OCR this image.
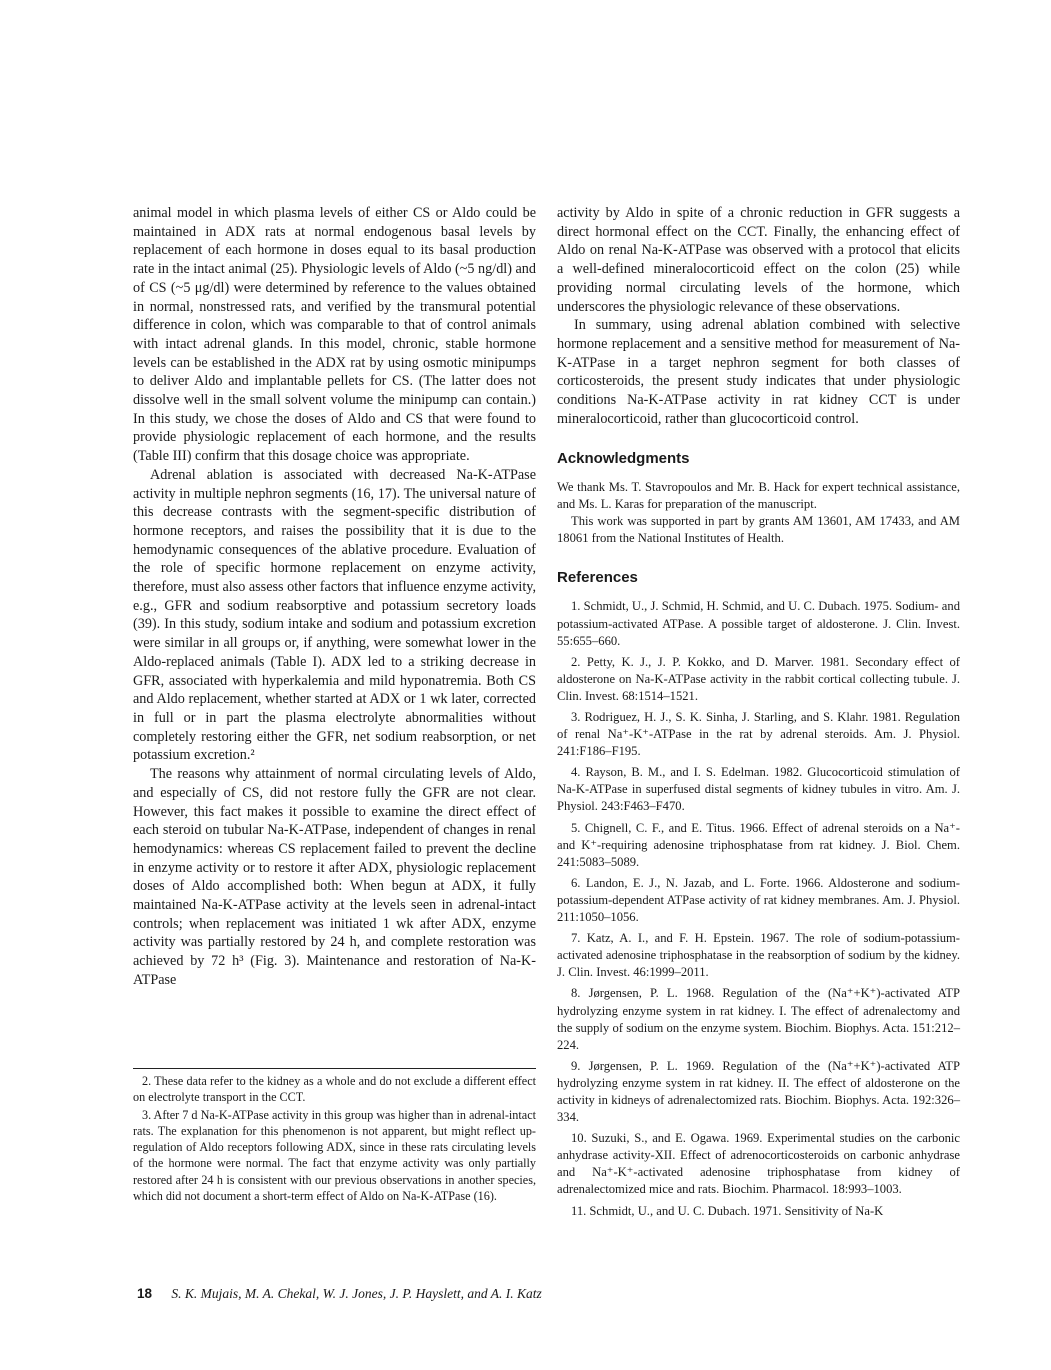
animal model in which plasma levels of either CS or Aldo could be maintained in ADX rats at normal endogenous basal levels by replacement of each hormone in doses equal to its basal production rate in the intact animal (25). Physiologic levels of Aldo (~5 ng/dl) and of CS (~5 μg/dl) were determined by reference to the values obtained in normal, nonstressed rats, and verified by the transmural potential difference in colon, which was comparable to that of control animals with intact adrenal glands. In this model, chronic, stable hormone levels can be established in the ADX rat by using osmotic minipumps to deliver Aldo and implantable pellets for CS. (The latter does not dissolve well in the small solvent volume the minipump can contain.) In this study, we chose the doses of Aldo and CS that were found to provide physiologic replacement of each hormone, and the results (Table III) confirm that this dosage choice was appropriate.

Adrenal ablation is associated with decreased Na-K-ATPase activity in multiple nephron segments (16, 17). The universal nature of this decrease contrasts with the segment-specific distribution of hormone receptors, and raises the possibility that it is due to the hemodynamic consequences of the ablative procedure. Evaluation of the role of specific hormone replacement on enzyme activity, therefore, must also assess other factors that influence enzyme activity, e.g., GFR and sodium reabsorptive and potassium secretory loads (39). In this study, sodium intake and sodium and potassium excretion were similar in all groups or, if anything, were somewhat lower in the Aldo-replaced animals (Table I). ADX led to a striking decrease in GFR, associated with hyperkalemia and mild hyponatremia. Both CS and Aldo replacement, whether started at ADX or 1 wk later, corrected in full or in part the plasma electrolyte abnormalities without completely restoring either the GFR, net sodium reabsorption, or net potassium excretion.²

The reasons why attainment of normal circulating levels of Aldo, and especially of CS, did not restore fully the GFR are not clear. However, this fact makes it possible to examine the direct effect of each steroid on tubular Na-K-ATPase, independent of changes in renal hemodynamics: whereas CS replacement failed to prevent the decline in enzyme activity or to restore it after ADX, physiologic replacement doses of Aldo accomplished both: When begun at ADX, it fully maintained Na-K-ATPase activity at the levels seen in adrenal-intact controls; when replacement was initiated 1 wk after ADX, enzyme activity was partially restored by 24 h, and complete restoration was achieved by 72 h³ (Fig. 3). Maintenance and restoration of Na-K-ATPase

2. These data refer to the kidney as a whole and do not exclude a different effect on electrolyte transport in the CCT.

3. After 7 d Na-K-ATPase activity in this group was higher than in adrenal-intact rats. The explanation for this phenomenon is not apparent, but might reflect up-regulation of Aldo receptors following ADX, since in these rats circulating levels of the hormone were normal. The fact that enzyme activity was only partially restored after 24 h is consistent with our previous observations in another species, which did not document a short-term effect of Aldo on Na-K-ATPase (16).

activity by Aldo in spite of a chronic reduction in GFR suggests a direct hormonal effect on the CCT. Finally, the enhancing effect of Aldo on renal Na-K-ATPase was observed with a protocol that elicits a well-defined mineralocorticoid effect on the colon (25) while providing normal circulating levels of the hormone, which underscores the physiologic relevance of these observations.

In summary, using adrenal ablation combined with selective hormone replacement and a sensitive method for measurement of Na-K-ATPase in a target nephron segment for both classes of corticosteroids, the present study indicates that under physiologic conditions Na-K-ATPase activity in rat kidney CCT is under mineralocorticoid, rather than glucocorticoid control.

Acknowledgments

We thank Ms. T. Stavropoulos and Mr. B. Hack for expert technical assistance, and Ms. L. Karas for preparation of the manuscript.

This work was supported in part by grants AM 13601, AM 17433, and AM 18061 from the National Institutes of Health.

References
1. Schmidt, U., J. Schmid, H. Schmid, and U. C. Dubach. 1975. Sodium- and potassium-activated ATPase. A possible target of aldosterone. J. Clin. Invest. 55:655–660.
2. Petty, K. J., J. P. Kokko, and D. Marver. 1981. Secondary effect of aldosterone on Na-K-ATPase activity in the rabbit cortical collecting tubule. J. Clin. Invest. 68:1514–1521.
3. Rodriguez, H. J., S. K. Sinha, J. Starling, and S. Klahr. 1981. Regulation of renal Na⁺-K⁺-ATPase in the rat by adrenal steroids. Am. J. Physiol. 241:F186–F195.
4. Rayson, B. M., and I. S. Edelman. 1982. Glucocorticoid stimulation of Na-K-ATPase in superfused distal segments of kidney tubules in vitro. Am. J. Physiol. 243:F463–F470.
5. Chignell, C. F., and E. Titus. 1966. Effect of adrenal steroids on a Na⁺- and K⁺-requiring adenosine triphosphatase from rat kidney. J. Biol. Chem. 241:5083–5089.
6. Landon, E. J., N. Jazab, and L. Forte. 1966. Aldosterone and sodium-potassium-dependent ATPase activity of rat kidney membranes. Am. J. Physiol. 211:1050–1056.
7. Katz, A. I., and F. H. Epstein. 1967. The role of sodium-potassium-activated adenosine triphosphatase in the reabsorption of sodium by the kidney. J. Clin. Invest. 46:1999–2011.
8. Jørgensen, P. L. 1968. Regulation of the (Na⁺+K⁺)-activated ATP hydrolyzing enzyme system in rat kidney. I. The effect of adrenalectomy and the supply of sodium on the enzyme system. Biochim. Biophys. Acta. 151:212–224.
9. Jørgensen, P. L. 1969. Regulation of the (Na⁺+K⁺)-activated ATP hydrolyzing enzyme system in rat kidney. II. The effect of aldosterone on the activity in kidneys of adrenalectomized rats. Biochim. Biophys. Acta. 192:326–334.
10. Suzuki, S., and E. Ogawa. 1969. Experimental studies on the carbonic anhydrase activity-XII. Effect of adrenocorticosteroids on carbonic anhydrase and Na⁺-K⁺-activated adenosine triphosphatase from kidney of adrenalectomized mice and rats. Biochim. Pharmacol. 18:993–1003.
11. Schmidt, U., and U. C. Dubach. 1971. Sensitivity of Na-K
18 S. K. Mujais, M. A. Chekal, W. J. Jones, J. P. Hayslett, and A. I. Katz
